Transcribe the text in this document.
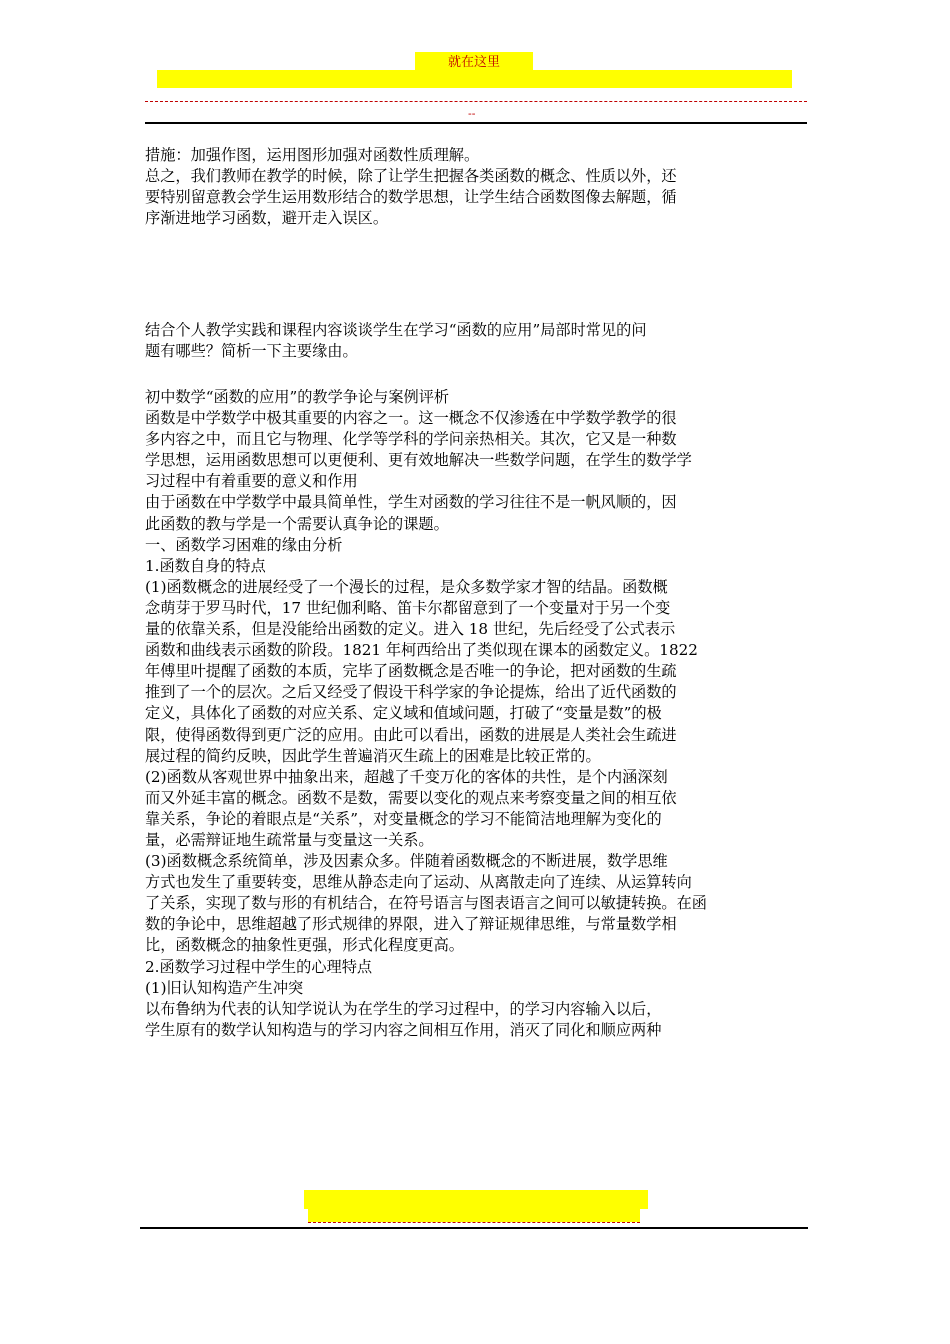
就在这里
--

措施：加强作图，运用图形加强对函数性质理解。

总之，我们教师在教学的时候，除了让学生把握各类函数的概念、性质以外，还

要特别留意教会学生运用数形结合的数学思想，让学生结合函数图像去解题，循

序渐进地学习函数，避开走入误区。

结合个人教学实践和课程内容谈谈学生在学习“函数的应用”局部时常见的问

题有哪些？简析一下主要缘由。

初中数学“函数的应用”的教学争论与案例评析

函数是中学数学中极其重要的内容之一。这一概念不仅渗透在中学数学教学的很

多内容之中，而且它与物理、化学等学科的学问亲热相关。其次，它又是一种数

学思想，运用函数思想可以更便利、更有效地解决一些数学问题，在学生的数学学

习过程中有着重要的意义和作用

由于函数在中学数学中最具简单性，学生对函数的学习往往不是一帆风顺的，因

此函数的教与学是一个需要认真争论的课题。

一、函数学习困难的缘由分析

1.函数自身的特点

(1)函数概念的进展经受了一个漫长的过程，是众多数学家才智的结晶。函数概

念萌芽于罗马时代，17 世纪伽利略、笛卡尔都留意到了一个变量对于另一个变

量的依靠关系，但是没能给出函数的定义。进入 18 世纪，先后经受了公式表示

函数和曲线表示函数的阶段。1821 年柯西给出了类似现在课本的函数定义。1822

年傅里叶提醒了函数的本质，完毕了函数概念是否唯一的争论，把对函数的生疏

推到了一个的层次。之后又经受了假设干科学家的争论提炼，给出了近代函数的

定义，具体化了函数的对应关系、定义域和值域问题，打破了“变量是数”的极

限，使得函数得到更广泛的应用。由此可以看出，函数的进展是人类社会生疏进

展过程的简约反映，因此学生普遍消灭生疏上的困难是比较正常的。

(2)函数从客观世界中抽象出来，超越了千变万化的客体的共性，是个内涵深刻

而又外延丰富的概念。函数不是数，需要以变化的观点来考察变量之间的相互依

靠关系，争论的着眼点是“关系”，对变量概念的学习不能简洁地理解为变化的

量，必需辩证地生疏常量与变量这一关系。

(3)函数概念系统简单，涉及因素众多。伴随着函数概念的不断进展，数学思维

方式也发生了重要转变，思维从静态走向了运动、从离散走向了连续、从运算转向

了关系，实现了数与形的有机结合，在符号语言与图表语言之间可以敏捷转换。在函

数的争论中，思维超越了形式规律的界限，进入了辩证规律思维，与常量数学相

比，函数概念的抽象性更强，形式化程度更高。

2.函数学习过程中学生的心理特点

(1)旧认知构造产生冲突

以布鲁纳为代表的认知学说认为在学生的学习过程中，的学习内容输入以后，

学生原有的数学认知构造与的学习内容之间相互作用，消灭了同化和顺应两种
